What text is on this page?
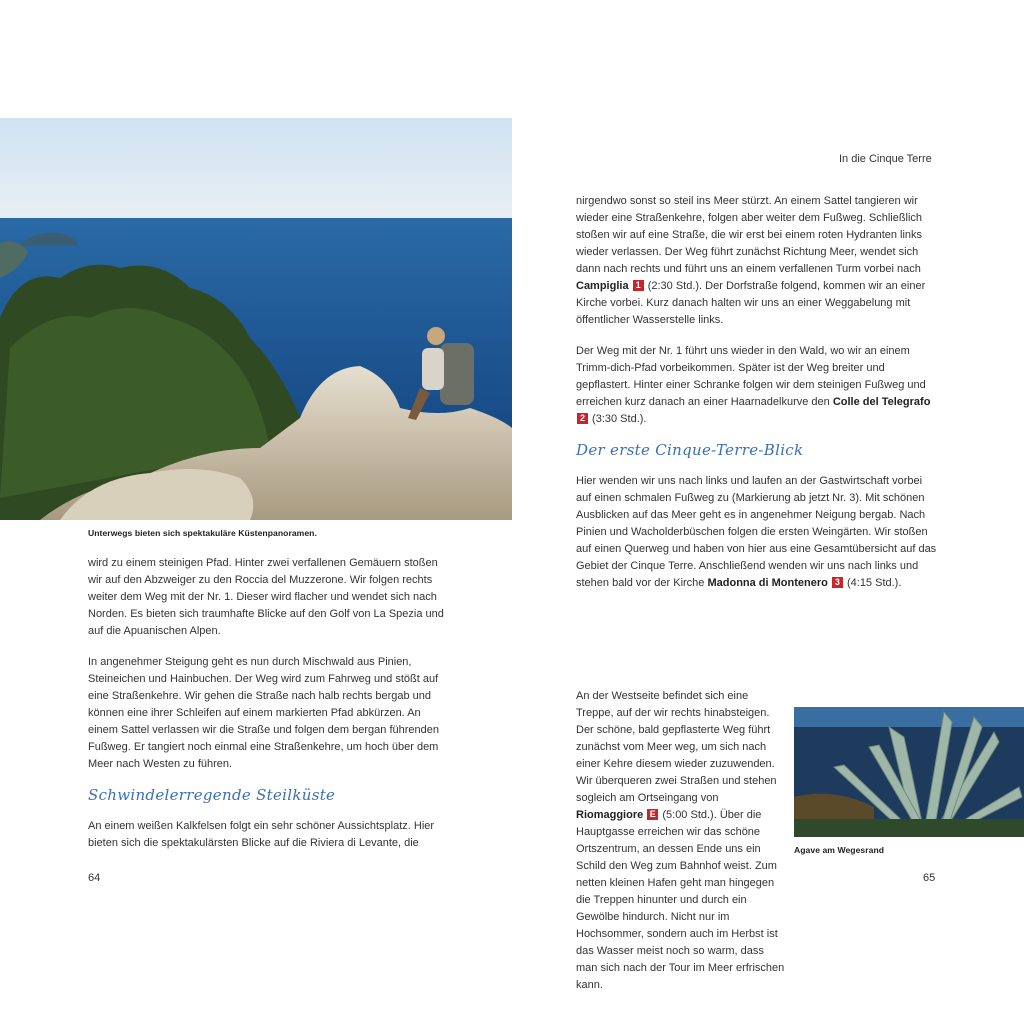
Unterwegs bieten sich spektakuläre Küstenpanoramen.

wird zu einem steinigen Pfad. Hinter zwei verfallenen Gemäuern stoßen wir auf den Abzweiger zu den Roccia del Muzzerone. Wir folgen rechts weiter dem Weg mit der Nr. 1. Dieser wird flacher und wendet sich nach Norden. Es bieten sich traumhafte Blicke auf den Golf von La Spezia und auf die Apuanischen Alpen.

In angenehmer Steigung geht es nun durch Mischwald aus Pinien, Steineichen und Hainbuchen. Der Weg wird zum Fahrweg und stößt auf eine Straßenkehre. Wir gehen die Straße nach halb rechts bergab und können eine ihrer Schleifen auf einem markierten Pfad abkürzen. An einem Sattel verlassen wir die Straße und folgen dem bergan führenden Fußweg. Er tangiert noch einmal eine Straßenkehre, um hoch über dem Meer nach Westen zu führen.

Schwindelerregende Steilküste

An einem weißen Kalkfelsen folgt ein sehr schöner Aussichtsplatz. Hier bieten sich die spektakulärsten Blicke auf die Riviera di Levante, die

64
In die Cinque Terre

nirgendwo sonst so steil ins Meer stürzt. An einem Sattel tangieren wir wieder eine Straßenkehre, folgen aber weiter dem Fußweg. Schließlich stoßen wir auf eine Straße, die wir erst bei einem roten Hydranten links wieder verlassen. Der Weg führt zunächst Richtung Meer, wendet sich dann nach rechts und führt uns an einem verfallenen Turm vorbei nach Campiglia 1 (2:30 Std.). Der Dorfstraße folgend, kommen wir an einer Kirche vorbei. Kurz danach halten wir uns an einer Weggabelung mit öffentlicher Wasserstelle links.

Der Weg mit der Nr. 1 führt uns wieder in den Wald, wo wir an einem Trimm-dich-Pfad vorbeikommen. Später ist der Weg breiter und gepflastert. Hinter einer Schranke folgen wir dem steinigen Fußweg und erreichen kurz danach an einer Haarnadelkurve den Colle del Telegrafo 2 (3:30 Std.).

Der erste Cinque-Terre-Blick

Hier wenden wir uns nach links und laufen an der Gastwirtschaft vorbei auf einen schmalen Fußweg zu (Markierung ab jetzt Nr. 3). Mit schönen Ausblicken auf das Meer geht es in angenehmer Neigung bergab. Nach Pinien und Wacholderbüschen folgen die ersten Weingärten. Wir stoßen auf einen Querweg und haben von hier aus eine Gesamtübersicht auf das Gebiet der Cinque Terre. Anschließend wenden wir uns nach links und stehen bald vor der Kirche Madonna di Montenero 3 (4:15 Std.).

An der Westseite befindet sich eine Treppe, auf der wir rechts hinabsteigen. Der schöne, bald gepflasterte Weg führt zunächst vom Meer weg, um sich nach einer Kehre diesem wieder zuzuwenden. Wir überqueren zwei Straßen und stehen sogleich am Ortseingang von Riomaggiore E (5:00 Std.). Über die Hauptgasse erreichen wir das schöne Ortszentrum, an dessen Ende uns ein Schild den Weg zum Bahnhof weist. Zum netten kleinen Hafen geht man hingegen die Treppen hinunter und durch ein Gewölbe hindurch. Nicht nur im Hochsommer, sondern auch im Herbst ist das Wasser meist noch so warm, dass man sich nach der Tour im Meer erfrischen kann.
Agave am Wegesrand
65
